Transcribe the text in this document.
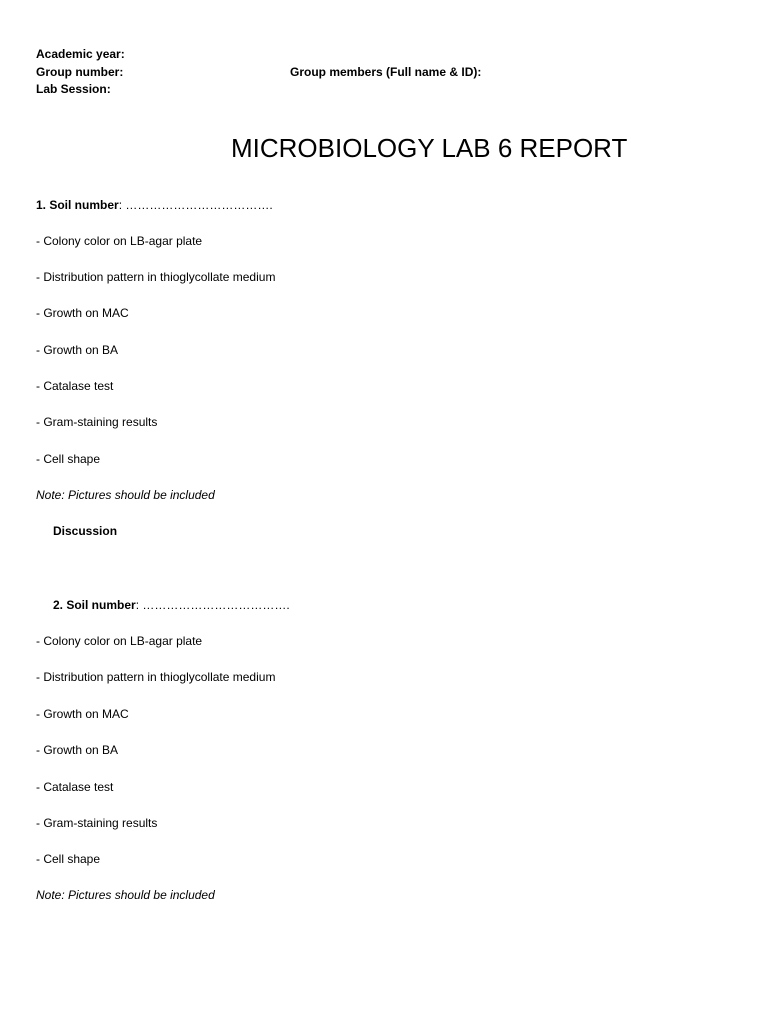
Academic year:

Group number:

Lab Session:

Group members (Full name & ID):

MICROBIOLOGY LAB 6 REPORT

1. Soil number: ……………………………….

- Colony color on LB-agar plate

- Distribution pattern in thioglycollate medium

- Growth on MAC

- Growth on BA

- Catalase test

- Gram-staining results

- Cell shape

Note: Pictures should be included

Discussion

2. Soil number: ……………………………….

- Colony color on LB-agar plate

- Distribution pattern in thioglycollate medium

- Growth on MAC

- Growth on BA

- Catalase test

- Gram-staining results

- Cell shape

Note: Pictures should be included
